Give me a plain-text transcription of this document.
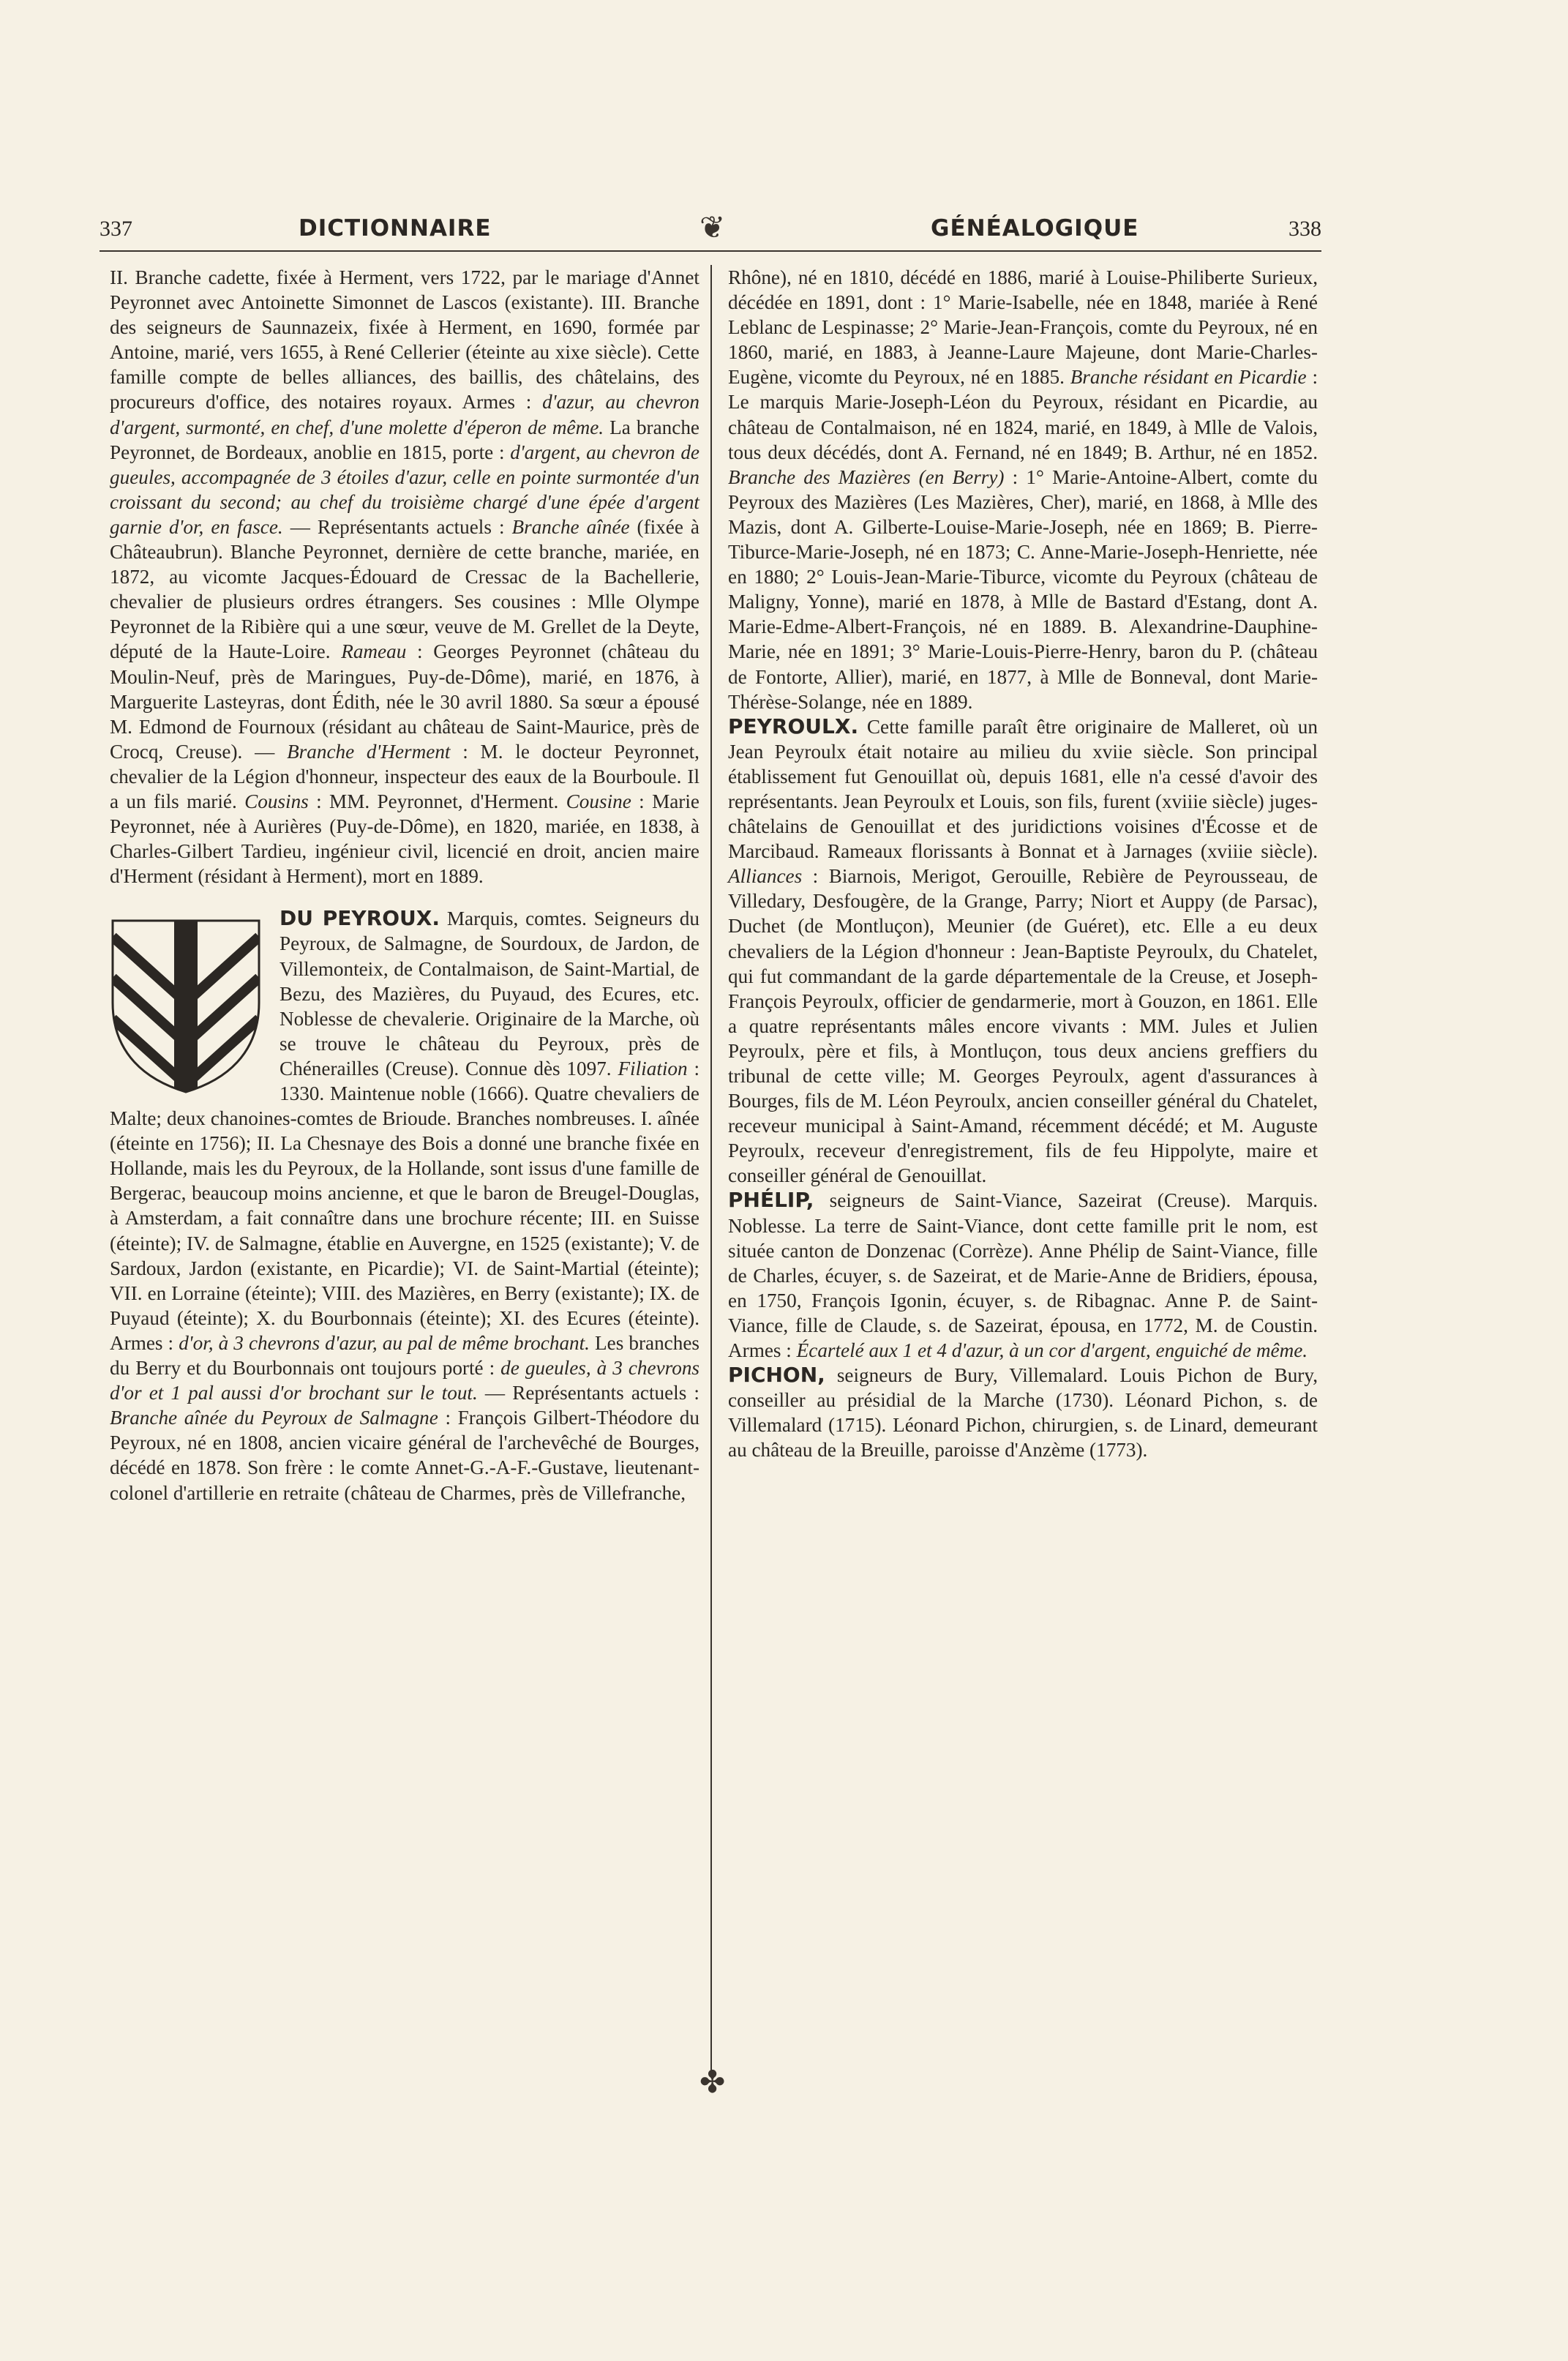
337	DICTIONNAIRE	GÉNÉALOGIQUE	338
❦
✤

II. Branche cadette, fixée à Herment, vers 1722, par le mariage d'Annet Peyronnet avec Antoinette Simonnet de Lascos (existante). III. Branche des seigneurs de Saunnazeix, fixée à Herment, en 1690, formée par Antoine, marié, vers 1655, à René Cellerier (éteinte au xixe siècle). Cette famille compte de belles alliances, des baillis, des châtelains, des procureurs d'office, des notaires royaux. Armes : d'azur, au chevron d'argent, surmonté, en chef, d'une molette d'éperon de même. La branche Peyronnet, de Bordeaux, anoblie en 1815, porte : d'argent, au chevron de gueules, accompagnée de 3 étoiles d'azur, celle en pointe surmontée d'un croissant du second; au chef du troisième chargé d'une épée d'argent garnie d'or, en fasce. — Représentants actuels : Branche aînée (fixée à Châteaubrun). Blanche Peyronnet, dernière de cette branche, mariée, en 1872, au vicomte Jacques-Édouard de Cressac de la Bachellerie, chevalier de plusieurs ordres étrangers. Ses cousines : Mlle Olympe Peyronnet de la Ribière qui a une sœur, veuve de M. Grellet de la Deyte, député de la Haute-Loire. Rameau : Georges Peyronnet (château du Moulin-Neuf, près de Maringues, Puy-de-Dôme), marié, en 1876, à Marguerite Lasteyras, dont Édith, née le 30 avril 1880. Sa sœur a épousé M. Edmond de Fournoux (résidant au château de Saint-Maurice, près de Crocq, Creuse). — Branche d'Herment : M. le docteur Peyronnet, chevalier de la Légion d'honneur, inspecteur des eaux de la Bourboule. Il a un fils marié. Cousins : MM. Peyronnet, d'Herment. Cousine : Marie Peyronnet, née à Aurières (Puy-de-Dôme), en 1820, mariée, en 1838, à Charles-Gilbert Tardieu, ingénieur civil, licencié en droit, ancien maire d'Herment (résidant à Herment), mort en 1889.

DU PEYROUX. Marquis, comtes. Seigneurs du Peyroux, de Salmagne, de Sourdoux, de Jardon, de Villemonteix, de Contalmaison, de Saint-Martial, de Bezu, des Mazières, du Puyaud, des Ecures, etc. Noblesse de chevalerie. Originaire de la Marche, où se trouve le château du Peyroux, près de Chénerailles (Creuse). Connue dès 1097. Filiation : 1330. Maintenue noble (1666). Quatre chevaliers de Malte; deux chanoines-comtes de Brioude. Branches nombreuses. I. aînée (éteinte en 1756); II. La Chesnaye des Bois a donné une branche fixée en Hollande, mais les du Peyroux, de la Hollande, sont issus d'une famille de Bergerac, beaucoup moins ancienne, et que le baron de Breugel-Douglas, à Amsterdam, a fait connaître dans une brochure récente; III. en Suisse (éteinte); IV. de Salmagne, établie en Auvergne, en 1525 (existante); V. de Sardoux, Jardon (existante, en Picardie); VI. de Saint-Martial (éteinte); VII. en Lorraine (éteinte); VIII. des Mazières, en Berry (existante); IX. de Puyaud (éteinte); X. du Bourbonnais (éteinte); XI. des Ecures (éteinte). Armes : d'or, à 3 chevrons d'azur, au pal de même brochant. Les branches du Berry et du Bourbonnais ont toujours porté : de gueules, à 3 chevrons d'or et 1 pal aussi d'or brochant sur le tout. — Représentants actuels : Branche aînée du Peyroux de Salmagne : François Gilbert-Théodore du Peyroux, né en 1808, ancien vicaire général de l'archevêché de Bourges, décédé en 1878. Son frère : le comte Annet-G.-A-F.-Gustave, lieutenant-colonel d'artillerie en retraite (château de Charmes, près de Villefranche,

Rhône), né en 1810, décédé en 1886, marié à Louise-Philiberte Surieux, décédée en 1891, dont : 1° Marie-Isabelle, née en 1848, mariée à René Leblanc de Lespinasse; 2° Marie-Jean-François, comte du Peyroux, né en 1860, marié, en 1883, à Jeanne-Laure Majeune, dont Marie-Charles-Eugène, vicomte du Peyroux, né en 1885. Branche résidant en Picardie : Le marquis Marie-Joseph-Léon du Peyroux, résidant en Picardie, au château de Contalmaison, né en 1824, marié, en 1849, à Mlle de Valois, tous deux décédés, dont A. Fernand, né en 1849; B. Arthur, né en 1852. Branche des Mazières (en Berry) : 1° Marie-Antoine-Albert, comte du Peyroux des Mazières (Les Mazières, Cher), marié, en 1868, à Mlle des Mazis, dont A. Gilberte-Louise-Marie-Joseph, née en 1869; B. Pierre-Tiburce-Marie-Joseph, né en 1873; C. Anne-Marie-Joseph-Henriette, née en 1880; 2° Louis-Jean-Marie-Tiburce, vicomte du Peyroux (château de Maligny, Yonne), marié en 1878, à Mlle de Bastard d'Estang, dont A. Marie-Edme-Albert-François, né en 1889. B. Alexandrine-Dauphine-Marie, née en 1891; 3° Marie-Louis-Pierre-Henry, baron du P. (château de Fontorte, Allier), marié, en 1877, à Mlle de Bonneval, dont Marie-Thérèse-Solange, née en 1889.

PEYROULX. Cette famille paraît être originaire de Malleret, où un Jean Peyroulx était notaire au milieu du xviie siècle. Son principal établissement fut Genouillat où, depuis 1681, elle n'a cessé d'avoir des représentants. Jean Peyroulx et Louis, son fils, furent (xviiie siècle) juges-châtelains de Genouillat et des juridictions voisines d'Écosse et de Marcibaud. Rameaux florissants à Bonnat et à Jarnages (xviiie siècle). Alliances : Biarnois, Merigot, Gerouille, Rebière de Peyrousseau, de Villedary, Desfougère, de la Grange, Parry; Niort et Auppy (de Parsac), Duchet (de Montluçon), Meunier (de Guéret), etc. Elle a eu deux chevaliers de la Légion d'honneur : Jean-Baptiste Peyroulx, du Chatelet, qui fut commandant de la garde départementale de la Creuse, et Joseph-François Peyroulx, officier de gendarmerie, mort à Gouzon, en 1861. Elle a quatre représentants mâles encore vivants : MM. Jules et Julien Peyroulx, père et fils, à Montluçon, tous deux anciens greffiers du tribunal de cette ville; M. Georges Peyroulx, agent d'assurances à Bourges, fils de M. Léon Peyroulx, ancien conseiller général du Chatelet, receveur municipal à Saint-Amand, récemment décédé; et M. Auguste Peyroulx, receveur d'enregistrement, fils de feu Hippolyte, maire et conseiller général de Genouillat.

PHÉLIP, seigneurs de Saint-Viance, Sazeirat (Creuse). Marquis. Noblesse. La terre de Saint-Viance, dont cette famille prit le nom, est située canton de Donzenac (Corrèze). Anne Phélip de Saint-Viance, fille de Charles, écuyer, s. de Sazeirat, et de Marie-Anne de Bridiers, épousa, en 1750, François Igonin, écuyer, s. de Ribagnac. Anne P. de Saint-Viance, fille de Claude, s. de Sazeirat, épousa, en 1772, M. de Coustin. Armes : Écartelé aux 1 et 4 d'azur, à un cor d'argent, enguiché de même.

PICHON, seigneurs de Bury, Villemalard. Louis Pichon de Bury, conseiller au présidial de la Marche (1730). Léonard Pichon, s. de Villemalard (1715). Léonard Pichon, chirurgien, s. de Linard, demeurant au château de la Breuille, paroisse d'Anzème (1773).
